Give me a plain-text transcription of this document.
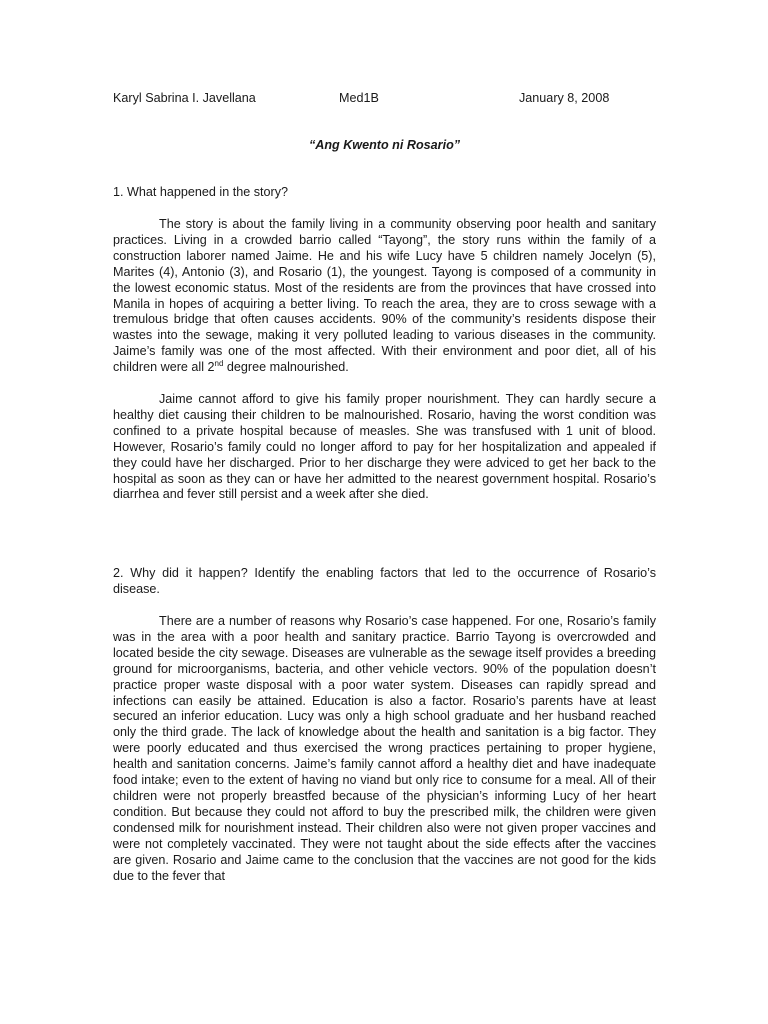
Karyl Sabrina I. Javellana	Med1B	January 8, 2008
“Ang Kwento ni Rosario”

1. What happened in the story?

The story is about the family living in a community observing poor health and sanitary practices. Living in a crowded barrio called “Tayong”, the story runs within the family of a construction laborer named Jaime. He and his wife Lucy have 5 children namely Jocelyn (5), Marites (4), Antonio (3), and Rosario (1), the youngest. Tayong is composed of a community in the lowest economic status. Most of the residents are from the provinces that have crossed into Manila in hopes of acquiring a better living. To reach the area, they are to cross sewage with a tremulous bridge that often causes accidents. 90% of the community’s residents dispose their wastes into the sewage, making it very polluted leading to various diseases in the community. Jaime’s family was one of the most affected. With their environment and poor diet, all of his children were all 2nd degree malnourished.

Jaime cannot afford to give his family proper nourishment. They can hardly secure a healthy diet causing their children to be malnourished. Rosario, having the worst condition was confined to a private hospital because of measles. She was transfused with 1 unit of blood. However, Rosario’s family could no longer afford to pay for her hospitalization and appealed if they could have her discharged. Prior to her discharge they were adviced to get her back to the hospital as soon as they can or have her admitted to the nearest government hospital. Rosario’s diarrhea and fever still persist and a week after she died.

2. Why did it happen? Identify the enabling factors that led to the occurrence of Rosario’s disease.

There are a number of reasons why Rosario’s case happened. For one, Rosario’s family was in the area with a poor health and sanitary practice. Barrio Tayong is overcrowded and located beside the city sewage. Diseases are vulnerable as the sewage itself provides a breeding ground for microorganisms, bacteria, and other vehicle vectors. 90% of the population doesn’t practice proper waste disposal with a poor water system. Diseases can rapidly spread and infections can easily be attained. Education is also a factor. Rosario’s parents have at least secured an inferior education. Lucy was only a high school graduate and her husband reached only the third grade. The lack of knowledge about the health and sanitation is a big factor. They were poorly educated and thus exercised the wrong practices pertaining to proper hygiene, health and sanitation concerns. Jaime’s family cannot afford a healthy diet and have inadequate food intake; even to the extent of having no viand but only rice to consume for a meal. All of their children were not properly breastfed because of the physician’s informing Lucy of her heart condition. But because they could not afford to buy the prescribed milk, the children were given condensed milk for nourishment instead. Their children also were not given proper vaccines and were not completely vaccinated. They were not taught about the side effects after the vaccines are given. Rosario and Jaime came to the conclusion that the vaccines are not good for the kids due to the fever that
